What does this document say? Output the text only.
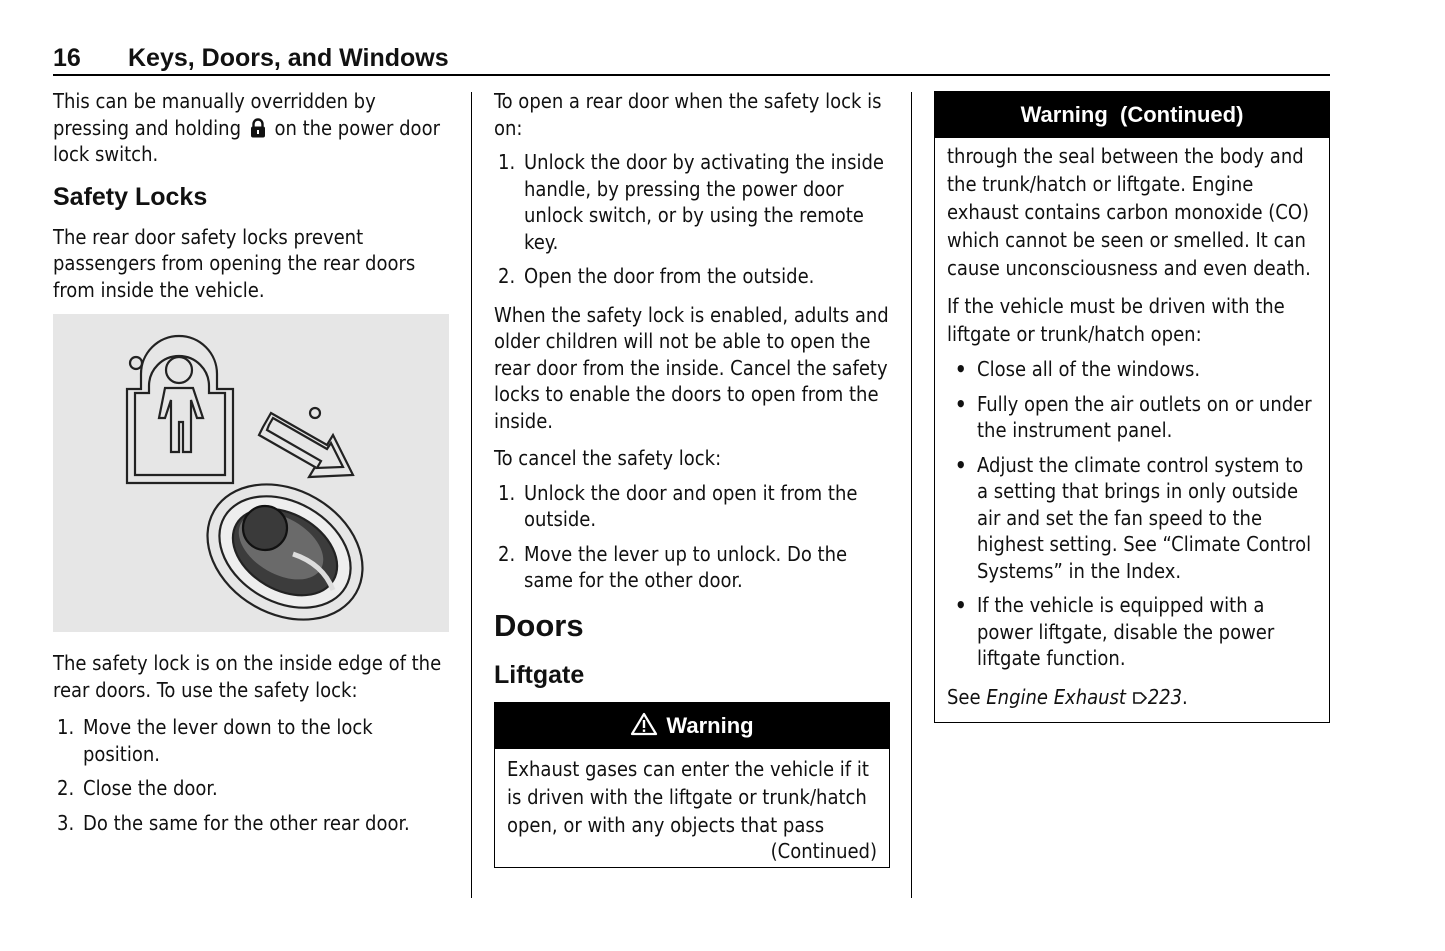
16 Keys, Doors, and Windows

This can be manually overridden by pressing and holding on the power door lock switch.

Safety Locks

The rear door safety locks prevent passengers from opening the rear doors from inside the vehicle.

The safety lock is on the inside edge of the rear doors. To use the safety lock:

1. Move the lever down to the lock position.
2. Close the door.
3. Do the same for the other rear door.

To open a rear door when the safety lock is on:

1. Unlock the door by activating the inside handle, by pressing the power door unlock switch, or by using the remote key.
2. Open the door from the outside.

When the safety lock is enabled, adults and older children will not be able to open the rear door from the inside. Cancel the safety locks to enable the doors to open from the inside.

To cancel the safety lock:

1. Unlock the door and open it from the outside.
2. Move the lever up to unlock. Do the same for the other door.
Doors
Liftgate
Warning
Exhaust gases can enter the vehicle if it is driven with the liftgate or trunk/hatch open, or with any objects that pass
(Continued)
Warning  (Continued)

through the seal between the body and the trunk/hatch or liftgate. Engine exhaust contains carbon monoxide (CO) which cannot be seen or smelled. It can cause unconsciousness and even death.

If the vehicle must be driven with the liftgate or trunk/hatch open:

• Close all of the windows.
• Fully open the air outlets on or under the instrument panel.
• Adjust the climate control system to a setting that brings in only outside air and set the fan speed to the highest setting. See “Climate Control Systems” in the Index.
• If the vehicle is equipped with a power liftgate, disable the power liftgate function.

See Engine Exhaust 223.
